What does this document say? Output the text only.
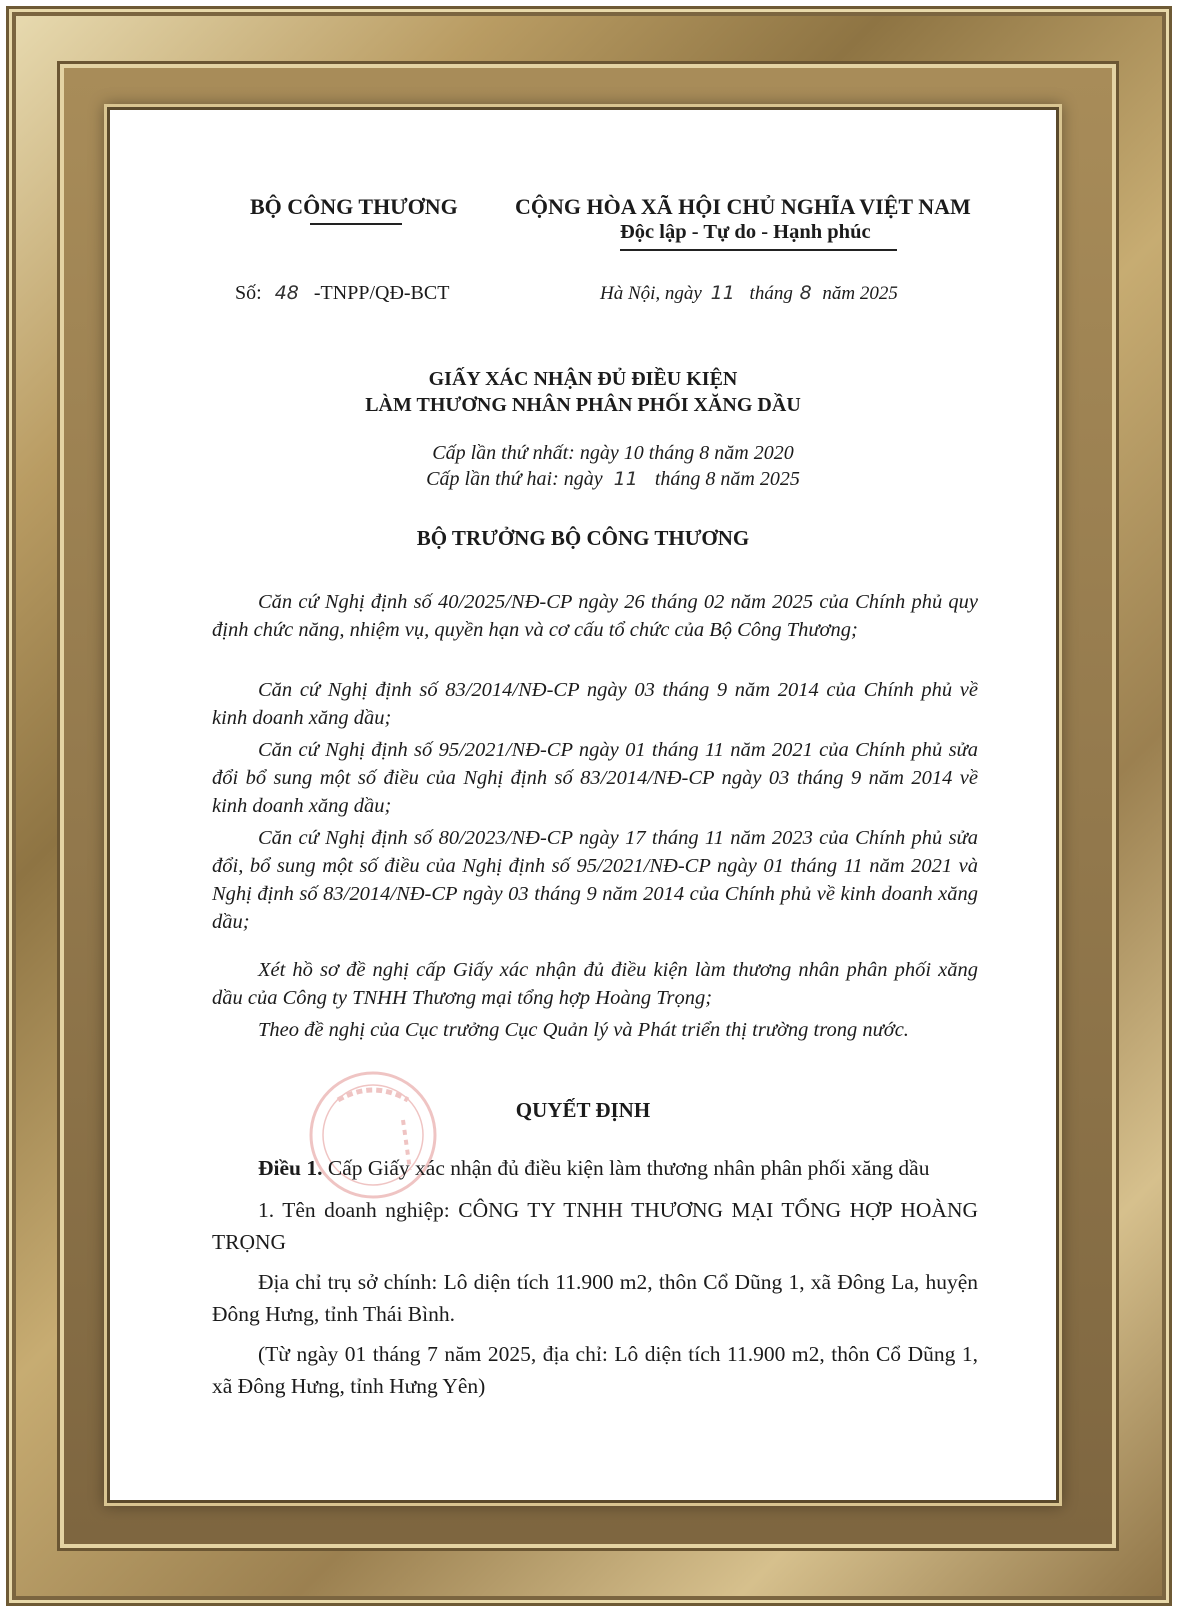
BỘ CÔNG THƯƠNG	CỘNG HÒA XÃ HỘI CHỦ NGHĨA VIỆT NAM
Độc lập - Tự do - Hạnh phúc
Số: 48 -TNPP/QĐ-BCT	Hà Nội, ngày 11 tháng 8 năm 2025
GIẤY XÁC NHẬN ĐỦ ĐIỀU KIỆN
LÀM THƯƠNG NHÂN PHÂN PHỐI XĂNG DẦU
Cấp lần thứ nhất: ngày 10 tháng 8 năm 2020
Cấp lần thứ hai: ngày 11 tháng 8 năm 2025
BỘ TRƯỞNG BỘ CÔNG THƯƠNG
Căn cứ Nghị định số 40/2025/NĐ-CP ngày 26 tháng 02 năm 2025 của Chính phủ quy định chức năng, nhiệm vụ, quyền hạn và cơ cấu tổ chức của Bộ Công Thương;
Căn cứ Nghị định số 83/2014/NĐ-CP ngày 03 tháng 9 năm 2014 của Chính phủ về kinh doanh xăng dầu;
Căn cứ Nghị định số 95/2021/NĐ-CP ngày 01 tháng 11 năm 2021 của Chính phủ sửa đổi bổ sung một số điều của Nghị định số 83/2014/NĐ-CP ngày 03 tháng 9 năm 2014 về kinh doanh xăng dầu;
Căn cứ Nghị định số 80/2023/NĐ-CP ngày 17 tháng 11 năm 2023 của Chính phủ sửa đổi, bổ sung một số điều của Nghị định số 95/2021/NĐ-CP ngày 01 tháng 11 năm 2021 và Nghị định số 83/2014/NĐ-CP ngày 03 tháng 9 năm 2014 của Chính phủ về kinh doanh xăng dầu;
Xét hồ sơ đề nghị cấp Giấy xác nhận đủ điều kiện làm thương nhân phân phối xăng dầu của Công ty TNHH Thương mại tổng hợp Hoàng Trọng;
Theo đề nghị của Cục trưởng Cục Quản lý và Phát triển thị trường trong nước.
QUYẾT ĐỊNH
Điều 1. Cấp Giấy xác nhận đủ điều kiện làm thương nhân phân phối xăng dầu
1. Tên doanh nghiệp: CÔNG TY TNHH THƯƠNG MẠI TỔNG HỢP HOÀNG TRỌNG
Địa chỉ trụ sở chính: Lô diện tích 11.900 m2, thôn Cổ Dũng 1, xã Đông La, huyện Đông Hưng, tỉnh Thái Bình.
(Từ ngày 01 tháng 7 năm 2025, địa chỉ: Lô diện tích 11.900 m2, thôn Cổ Dũng 1, xã Đông Hưng, tỉnh Hưng Yên)
